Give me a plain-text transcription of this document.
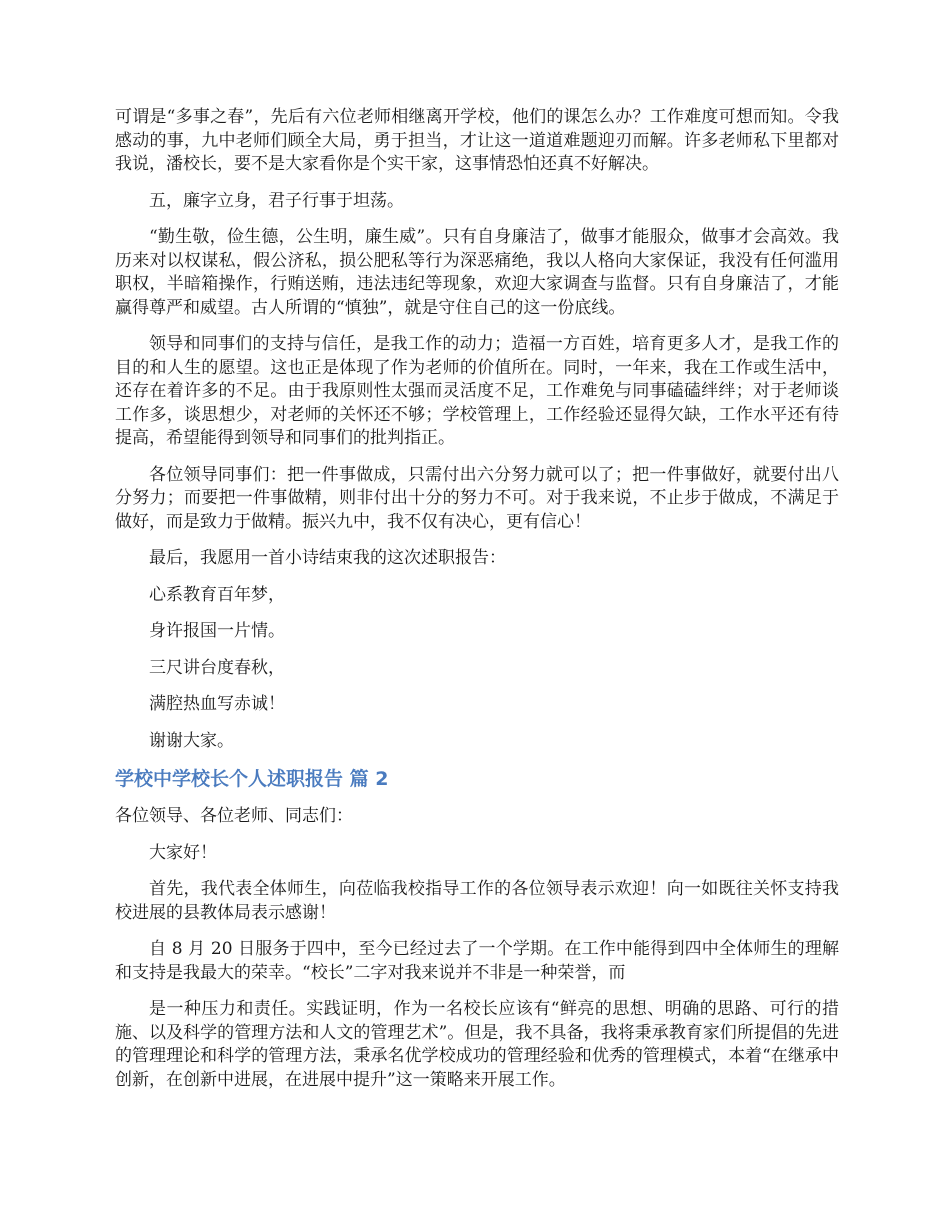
可谓是“多事之春”，先后有六位老师相继离开学校，他们的课怎么办？工作难度可想而知。令我感动的事，九中老师们顾全大局，勇于担当，才让这一道道难题迎刃而解。许多老师私下里都对我说，潘校长，要不是大家看你是个实干家，这事情恐怕还真不好解决。

五，廉字立身，君子行事于坦荡。

“勤生敬，俭生德，公生明，廉生威”。只有自身廉洁了，做事才能服众，做事才会高效。我历来对以权谋私，假公济私，损公肥私等行为深恶痛绝，我以人格向大家保证，我没有任何滥用职权，半暗箱操作，行贿送贿，违法违纪等现象，欢迎大家调查与监督。只有自身廉洁了，才能赢得尊严和威望。古人所谓的“慎独”，就是守住自己的这一份底线。

领导和同事们的支持与信任，是我工作的动力；造福一方百姓，培育更多人才，是我工作的目的和人生的愿望。这也正是体现了作为老师的价值所在。同时，一年来，我在工作或生活中，还存在着许多的不足。由于我原则性太强而灵活度不足，工作难免与同事磕磕绊绊；对于老师谈工作多，谈思想少，对老师的关怀还不够；学校管理上，工作经验还显得欠缺，工作水平还有待提高，希望能得到领导和同事们的批判指正。

各位领导同事们：把一件事做成，只需付出六分努力就可以了；把一件事做好，就要付出八分努力；而要把一件事做精，则非付出十分的努力不可。对于我来说，不止步于做成，不满足于做好，而是致力于做精。振兴九中，我不仅有决心，更有信心！

最后，我愿用一首小诗结束我的这次述职报告：

心系教育百年梦，

身许报国一片情。

三尺讲台度春秋，

满腔热血写赤诚！

谢谢大家。

学校中学校长个人述职报告 篇 2

各位领导、各位老师、同志们：

大家好！

首先，我代表全体师生，向莅临我校指导工作的各位领导表示欢迎！向一如既往关怀支持我校进展的县教体局表示感谢！

自 8 月 20 日服务于四中，至今已经过去了一个学期。在工作中能得到四中全体师生的理解和支持是我最大的荣幸。“校长”二字对我来说并不非是一种荣誉，而

是一种压力和责任。实践证明，作为一名校长应该有“鲜亮的思想、明确的思路、可行的措施、以及科学的管理方法和人文的管理艺术”。但是，我不具备，我将秉承教育家们所提倡的先进的管理理论和科学的管理方法，秉承名优学校成功的管理经验和优秀的管理模式，本着“在继承中创新，在创新中进展，在进展中提升”这一策略来开展工作。
